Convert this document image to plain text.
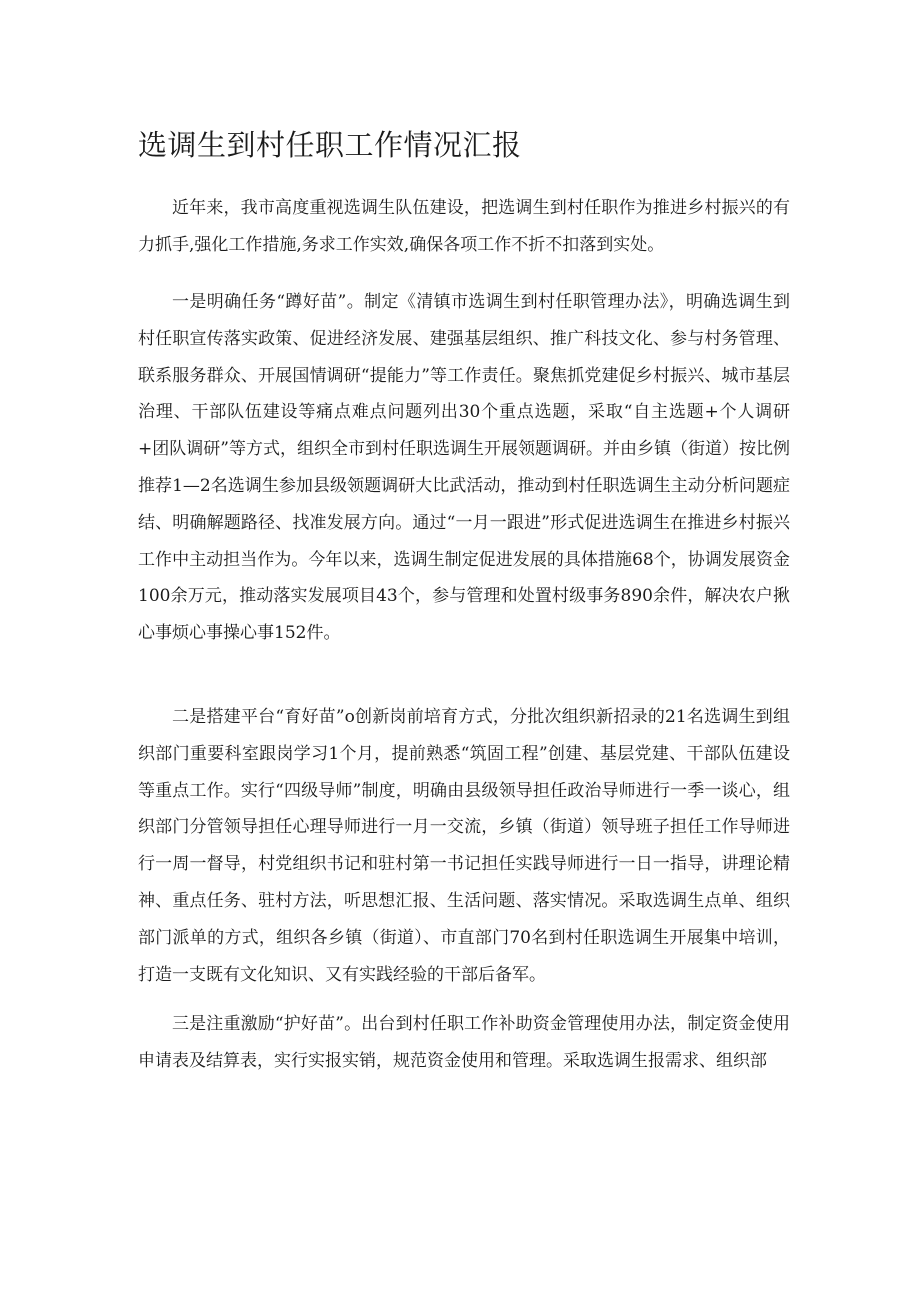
选调生到村任职工作情况汇报

近年来，我市高度重视选调生队伍建设，把选调生到村任职作为推进乡村振兴的有力抓手,强化工作措施,务求工作实效,确保各项工作不折不扣落到实处。

一是明确任务“蹲好苗”。制定《清镇市选调生到村任职管理办法》，明确选调生到村任职宣传落实政策、促进经济发展、建强基层组织、推广科技文化、参与村务管理、联系服务群众、开展国情调研“提能力”等工作责任。聚焦抓党建促乡村振兴、城市基层治理、干部队伍建设等痛点难点问题列出30个重点选题，采取“自主选题+个人调研+团队调研”等方式，组织全市到村任职选调生开展领题调研。并由乡镇（街道）按比例推荐1—2名选调生参加县级领题调研大比武活动，推动到村任职选调生主动分析问题症结、明确解题路径、找准发展方向。通过“一月一跟进”形式促进选调生在推进乡村振兴工作中主动担当作为。今年以来，选调生制定促进发展的具体措施68个，协调发展资金100余万元，推动落实发展项目43个，参与管理和处置村级事务890余件，解决农户揪心事烦心事操心事152件。

二是搭建平台“育好苗”o创新岗前培育方式，分批次组织新招录的21名选调生到组织部门重要科室跟岗学习1个月，提前熟悉“筑固工程”创建、基层党建、干部队伍建设等重点工作。实行“四级导师”制度，明确由县级领导担任政治导师进行一季一谈心，组织部门分管领导担任心理导师进行一月一交流，乡镇（街道）领导班子担任工作导师进行一周一督导，村党组织书记和驻村第一书记担任实践导师进行一日一指导，讲理论精神、重点任务、驻村方法，听思想汇报、生活问题、落实情况。采取选调生点单、组织部门派单的方式，组织各乡镇（街道）、市直部门70名到村任职选调生开展集中培训，打造一支既有文化知识、又有实践经验的干部后备军。

三是注重激励“护好苗”。出台到村任职工作补助资金管理使用办法，制定资金使用申请表及结算表，实行实报实销，规范资金使用和管理。采取选调生报需求、组织部
